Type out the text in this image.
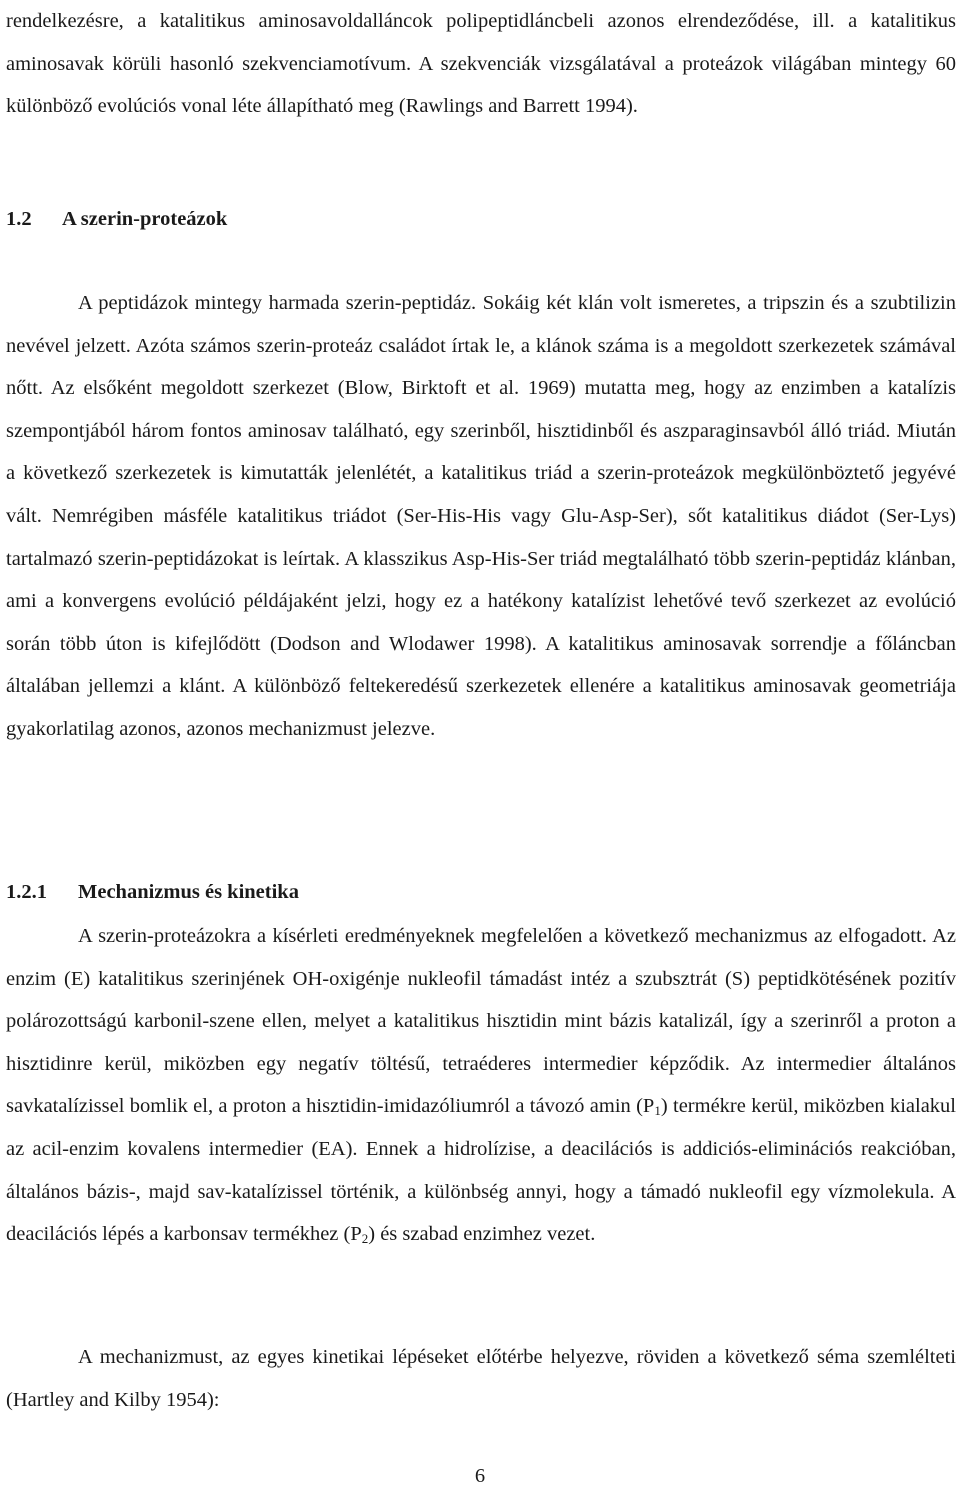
rendelkezésre, a katalitikus aminosavoldalláncok polipeptidláncbeli azonos elrendeződése, ill. a katalitikus aminosavak körüli hasonló szekvenciamotívum. A szekvenciák vizsgálatával a proteázok világában mintegy 60 különböző evolúciós vonal léte állapítható meg (Rawlings and Barrett 1994).

1.2 A szerin-proteázok

A peptidázok mintegy harmada szerin-peptidáz. Sokáig két klán volt ismeretes, a tripszin és a szubtilizin nevével jelzett. Azóta számos szerin-proteáz családot írtak le, a klánok száma is a megoldott szerkezetek számával nőtt. Az elsőként megoldott szerkezet (Blow, Birktoft et al. 1969) mutatta meg, hogy az enzimben a katalízis szempontjából három fontos aminosav található, egy szerinből, hisztidinből és aszparaginsavból álló triád. Miután a következő szerkezetek is kimutatták jelenlétét, a katalitikus triád a szerin-proteázok megkülönböztető jegyévé vált. Nemrégiben másféle katalitikus triádot (Ser-His-His vagy Glu-Asp-Ser), sőt katalitikus diádot (Ser-Lys) tartalmazó szerin-peptidázokat is leírtak. A klasszikus Asp-His-Ser triád megtalálható több szerin-peptidáz klánban, ami a konvergens evolúció példájaként jelzi, hogy ez a hatékony katalízist lehetővé tevő szerkezet az evolúció során több úton is kifejlődött (Dodson and Wlodawer 1998). A katalitikus aminosavak sorrendje a főláncban általában jellemzi a klánt. A különböző feltekeredésű szerkezetek ellenére a katalitikus aminosavak geometriája gyakorlatilag azonos, azonos mechanizmust jelezve.

1.2.1 Mechanizmus és kinetika

A szerin-proteázokra a kísérleti eredményeknek megfelelően a következő mechanizmus az elfogadott. Az enzim (E) katalitikus szerinjének OH-oxigénje nukleofil támadást intéz a szubsztrát (S) peptidkötésének pozitív polározottságú karbonil-szene ellen, melyet a katalitikus hisztidin mint bázis katalizál, így a szerinről a proton a hisztidinre kerül, miközben egy negatív töltésű, tetraéderes intermedier képződik. Az intermedier általános savkatalízissel bomlik el, a proton a hisztidin-imidazóliumról a távozó amin $(P_1)$ termékre kerül, miközben kialakul az acil-enzim kovalens intermedier (EA). Ennek a hidrolízise, a deacilációs is addiciós-eliminációs reakcióban, általános bázis-, majd sav-katalízissel történik, a különbség annyi, hogy a támadó nukleofil egy vízmolekula. A deacilációs lépés a karbonsav termékhez $(P_2)$ és szabad enzimhez vezet.

A mechanizmust, az egyes kinetikai lépéseket előtérbe helyezve, röviden a következő séma szemlélteti (Hartley and Kilby 1954):

6
